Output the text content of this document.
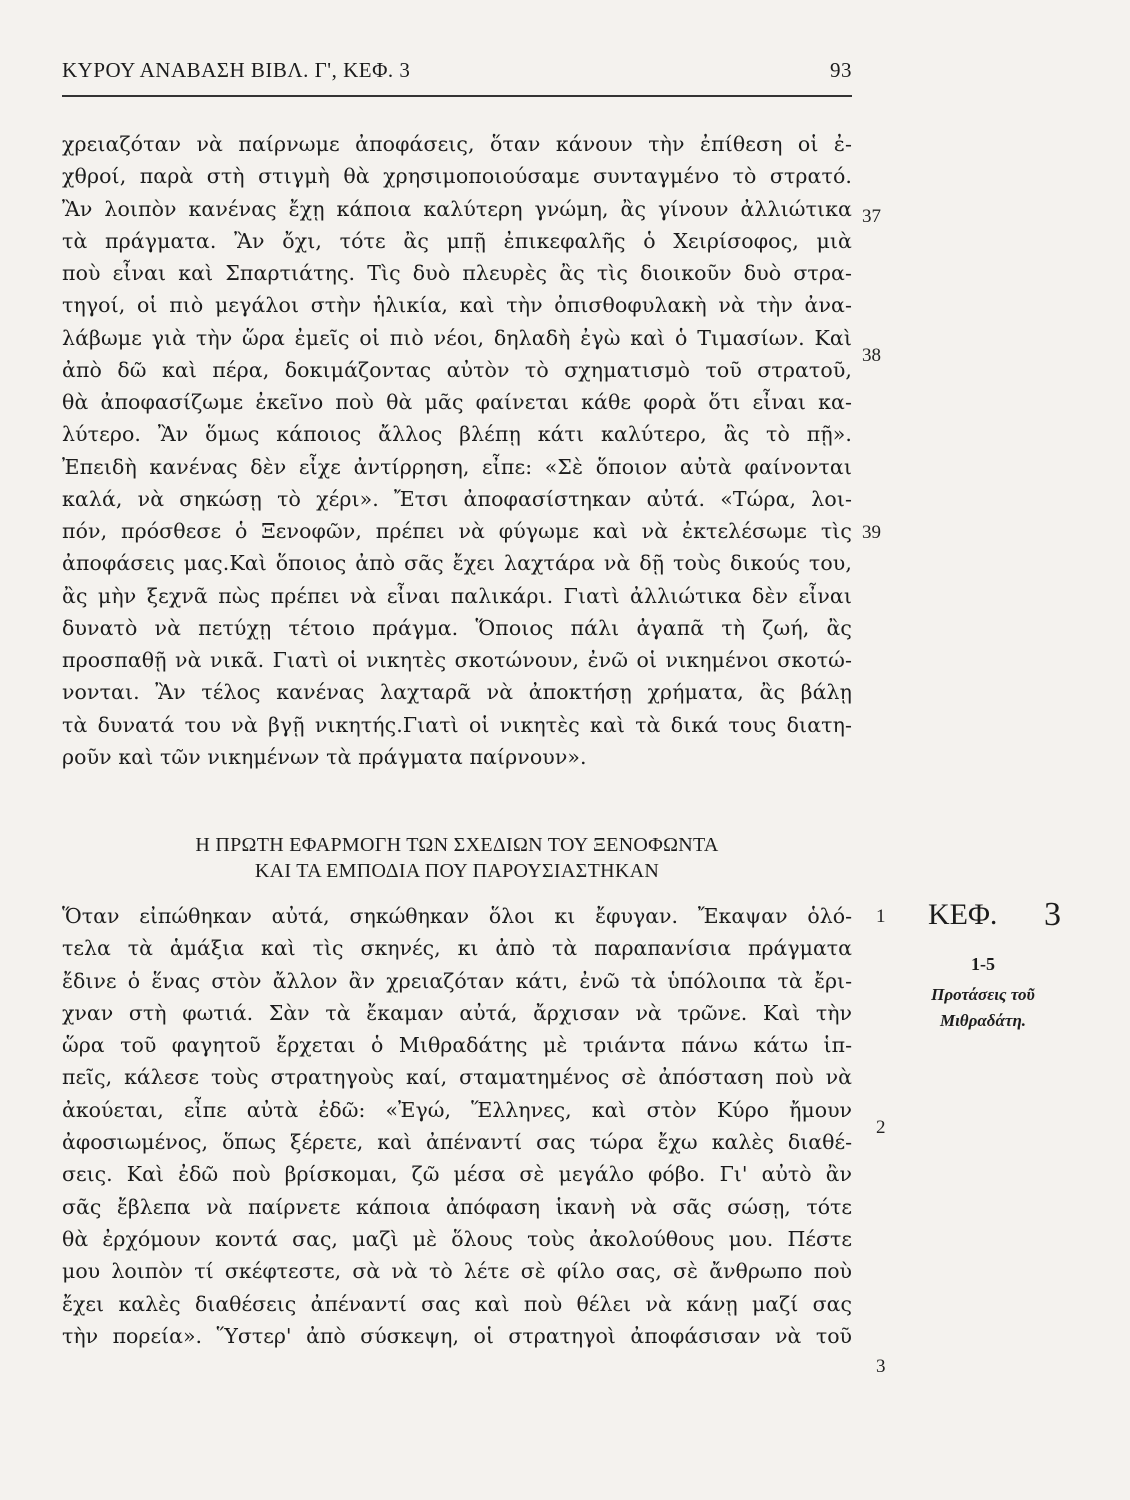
ΚΥΡΟΥ ΑΝΑΒΑΣΗ ΒΙΒΛ. Γ', ΚΕΦ. 3	93
χρειαζόταν νὰ παίρνωμε ἀποφάσεις, ὅταν κάνουν τὴν ἐπίθεση οἱ ἐ-
χθροί, παρὰ στὴ στιγμὴ θὰ χρησιμοποιούσαμε συνταγμένο τὸ στρατό.
Ἂν λοιπὸν κανένας ἔχῃ κάποια καλύτερη γνώμη, ἂς γίνουν ἀλλιώτικα
τὰ πράγματα. Ἂν ὄχι, τότε ἂς μπῇ ἐπικεφαλῆς ὁ Χειρίσοφος, μιὰ
ποὺ εἶναι καὶ Σπαρτιάτης. Τὶς δυὸ πλευρὲς ἂς τὶς διοικοῦν δυὸ στρα-
τηγοί, οἱ πιὸ μεγάλοι στὴν ἡλικία, καὶ τὴν ὀπισθοφυλακὴ νὰ τὴν ἀνα-
λάβωμε γιὰ τὴν ὥρα ἐμεῖς οἱ πιὸ νέοι, δηλαδὴ ἐγὼ καὶ ὁ Τιμασίων. Καὶ
ἀπὸ δῶ καὶ πέρα, δοκιμάζοντας αὐτὸν τὸ σχηματισμὸ τοῦ στρατοῦ,
θὰ ἀποφασίζωμε ἐκεῖνο ποὺ θὰ μᾶς φαίνεται κάθε φορὰ ὅτι εἶναι κα-
λύτερο. Ἂν ὅμως κάποιος ἄλλος βλέπῃ κάτι καλύτερο, ἂς τὸ πῇ».
Ἐπειδὴ κανένας δὲν εἶχε ἀντίρρηση, εἶπε: «Σὲ ὅποιον αὐτὰ φαίνονται
καλά, νὰ σηκώσῃ τὸ χέρι». Ἔτσι ἀποφασίστηκαν αὐτά. «Τώρα, λοι-
πόν, πρόσθεσε ὁ Ξενοφῶν, πρέπει νὰ φύγωμε καὶ νὰ ἐκτελέσωμε τὶς
ἀποφάσεις μας.Καὶ ὅποιος ἀπὸ σᾶς ἔχει λαχτάρα νὰ δῇ τοὺς δικούς του,
ἂς μὴν ξεχνᾶ πὼς πρέπει νὰ εἶναι παλικάρι. Γιατὶ ἀλλιώτικα δὲν εἶναι
δυνατὸ νὰ πετύχῃ τέτοιο πράγμα. Ὅποιος πάλι ἀγαπᾶ τὴ ζωή, ἂς
προσπαθῇ νὰ νικᾶ. Γιατὶ οἱ νικητὲς σκοτώνουν, ἐνῶ οἱ νικημένοι σκοτώ-
νονται. Ἂν τέλος κανένας λαχταρᾶ νὰ ἀποκτήσῃ χρήματα, ἂς βάλῃ
τὰ δυνατά του νὰ βγῇ νικητής.Γιατὶ οἱ νικητὲς καὶ τὰ δικά τους διατη-
ροῦν καὶ τῶν νικημένων τὰ πράγματα παίρνουν».
Η ΠΡΩΤΗ ΕΦΑΡΜΟΓΗ ΤΩΝ ΣΧΕΔΙΩΝ ΤΟΥ ΞΕΝΟΦΩΝΤΑ
ΚΑΙ ΤΑ ΕΜΠΟΔΙΑ ΠΟΥ ΠΑΡΟΥΣΙΑΣΤΗΚΑΝ
Ὅταν εἰπώθηκαν αὐτά, σηκώθηκαν ὅλοι κι ἔφυγαν. Ἔκαψαν ὁλό-
τελα τὰ ἁμάξια καὶ τὶς σκηνές, κι ἀπὸ τὰ παραπανίσια πράγματα
ἔδινε ὁ ἕνας στὸν ἄλλον ἂν χρειαζόταν κάτι, ἐνῶ τὰ ὑπόλοιπα τὰ ἔρι-
χναν στὴ φωτιά. Σὰν τὰ ἔκαμαν αὐτά, ἄρχισαν νὰ τρῶνε. Καὶ τὴν
ὥρα τοῦ φαγητοῦ ἔρχεται ὁ Μιθραδάτης μὲ τριάντα πάνω κάτω ἱπ-
πεῖς, κάλεσε τοὺς στρατηγοὺς καί, σταματημένος σὲ ἀπόσταση ποὺ νὰ
ἀκούεται, εἶπε αὐτὰ ἐδῶ: «Ἐγώ, Ἕλληνες, καὶ στὸν Κύρο ἤμουν
ἀφοσιωμένος, ὅπως ξέρετε, καὶ ἀπέναντί σας τώρα ἔχω καλὲς διαθέ-
σεις. Καὶ ἐδῶ ποὺ βρίσκομαι, ζῶ μέσα σὲ μεγάλο φόβο. Γι' αὐτὸ ἂν
σᾶς ἔβλεπα νὰ παίρνετε κάποια ἀπόφαση ἱκανὴ νὰ σᾶς σώσῃ, τότε
θὰ ἐρχόμουν κοντά σας, μαζὶ μὲ ὅλους τοὺς ἀκολούθους μου. Πέστε
μου λοιπὸν τί σκέφτεστε, σὰ νὰ τὸ λέτε σὲ φίλο σας, σὲ ἄνθρωπο ποὺ
ἔχει καλὲς διαθέσεις ἀπέναντί σας καὶ ποὺ θέλει νὰ κάνῃ μαζί σας
τὴν πορεία». Ὕστερ' ἀπὸ σύσκεψη, οἱ στρατηγοὶ ἀποφάσισαν νὰ τοῦ
37
38
39
1
2
3
ΚΕΦ. 3
1-5
Προτάσεις τοῦ
Μιθραδάτη.
